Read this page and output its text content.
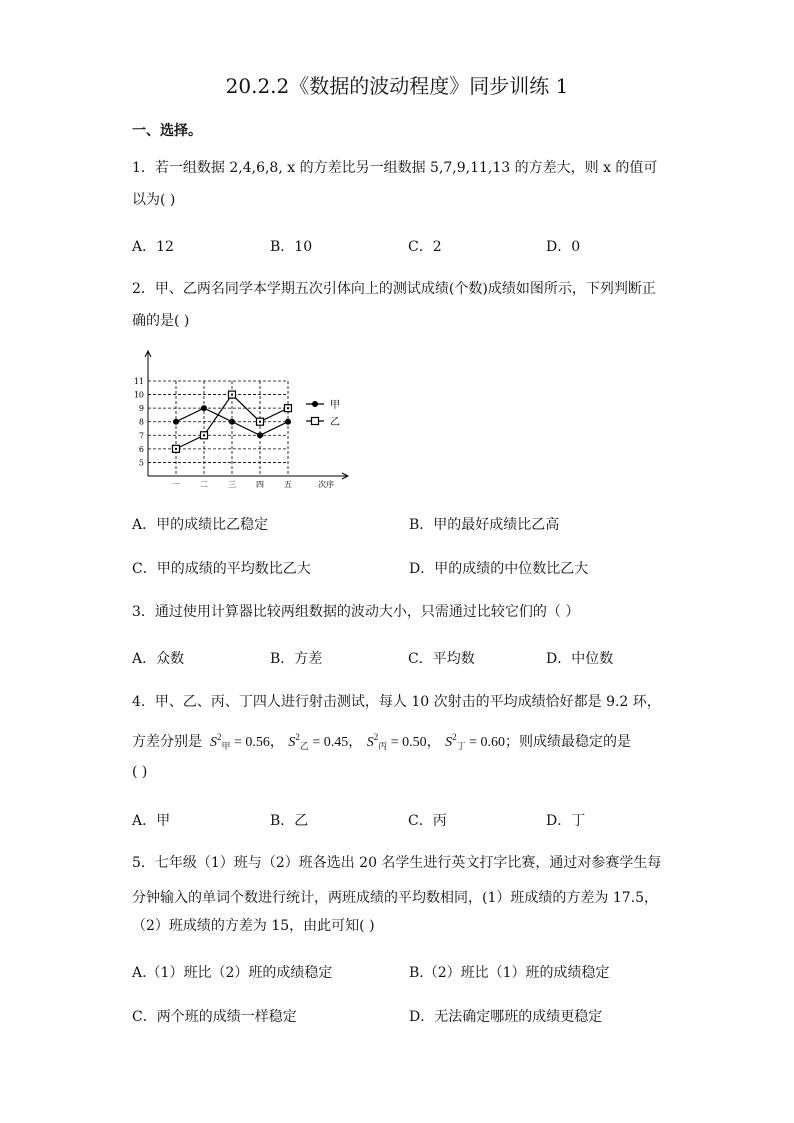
20.2.2《数据的波动程度》同步训练 1
一、选择。
1．若一组数据 2,4,6,8, x 的方差比另一组数据 5,7,9,11,13 的方差大，则 x 的值可
以为( )
A．12	B．10	C．2	D．0
2．甲、乙两名同学本学期五次引体向上的测试成绩(个数)成绩如图所示，下列判断正
确的是( )
11
10
9
8
7
6
5
一	二	三	四	五	次序
甲
乙
A．甲的成绩比乙稳定	B．甲的最好成绩比乙高
C．甲的成绩的平均数比乙大	D．甲的成绩的中位数比乙大
3．通过使用计算器比较两组数据的波动大小，只需通过比较它们的（ ）
A．众数	B．方差	C．平均数	D．中位数
4．甲、乙、丙、丁四人进行射击测试，每人 10 次射击的平均成绩恰好都是 9.2 环，
方差分别是  $S^2_甲 = 0.56$， $S^2_乙 = 0.45$， $S^2_丙 = 0.50$， $S^2_丁 = 0.60$；则成绩最稳定的是
( )
A．甲	B．乙	C．丙	D．丁
5．七年级（1）班与（2）班各选出 20 名学生进行英文打字比赛，通过对参赛学生每
分钟输入的单词个数进行统计，两班成绩的平均数相同，(1）班成绩的方差为 17.5，
（2）班成绩的方差为 15，由此可知( )
A.（1）班比（2）班的成绩稳定	B.（2）班比（1）班的成绩稳定
C．两个班的成绩一样稳定	D．无法确定哪班的成绩更稳定
